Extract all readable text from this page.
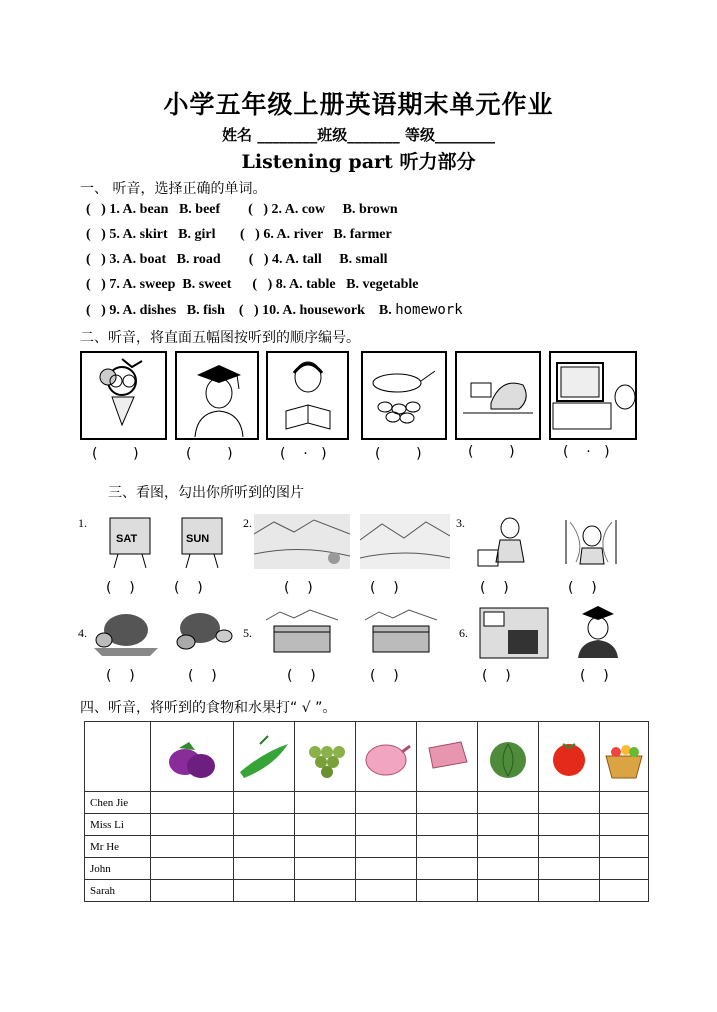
小学五年级上册英语期末单元作业
姓名 ________班级_______ 等级________
Listening part 听力部分
一、 听音，选择正确的单词。
(   ) 1. A. bean   B. beef        (   ) 2. A. cow     B. brown
(   ) 5. A. skirt   B. girl       (   ) 6. A. river   B. farmer
(   ) 3. A. boat   B. road        (   ) 4. A. tall     B. small
(   ) 7. A. sweep  B. sweet      (   ) 8. A. table   B. vegetable
(   ) 9. A. dishes   B. fish    (   ) 10. A. housework    B. homework
二、听音，将直面五幅图按听到的顺序编号。
(        )	(        )	(    ·   )	(        )	(        )	(    ·   )
三、看图，勾出你所听到的图片
1.
SAT	SUN
2.	3.
(    )	(    )	(    )	(    )	(    )	(    )
4.	5.	6.
(    )	(    )	(    )	(    )	(    )	(    )
四、听音，将听到的食物和水果打“ √ ”。

Chen Jie								
Miss Li								
Mr He								
John								
Sarah								
